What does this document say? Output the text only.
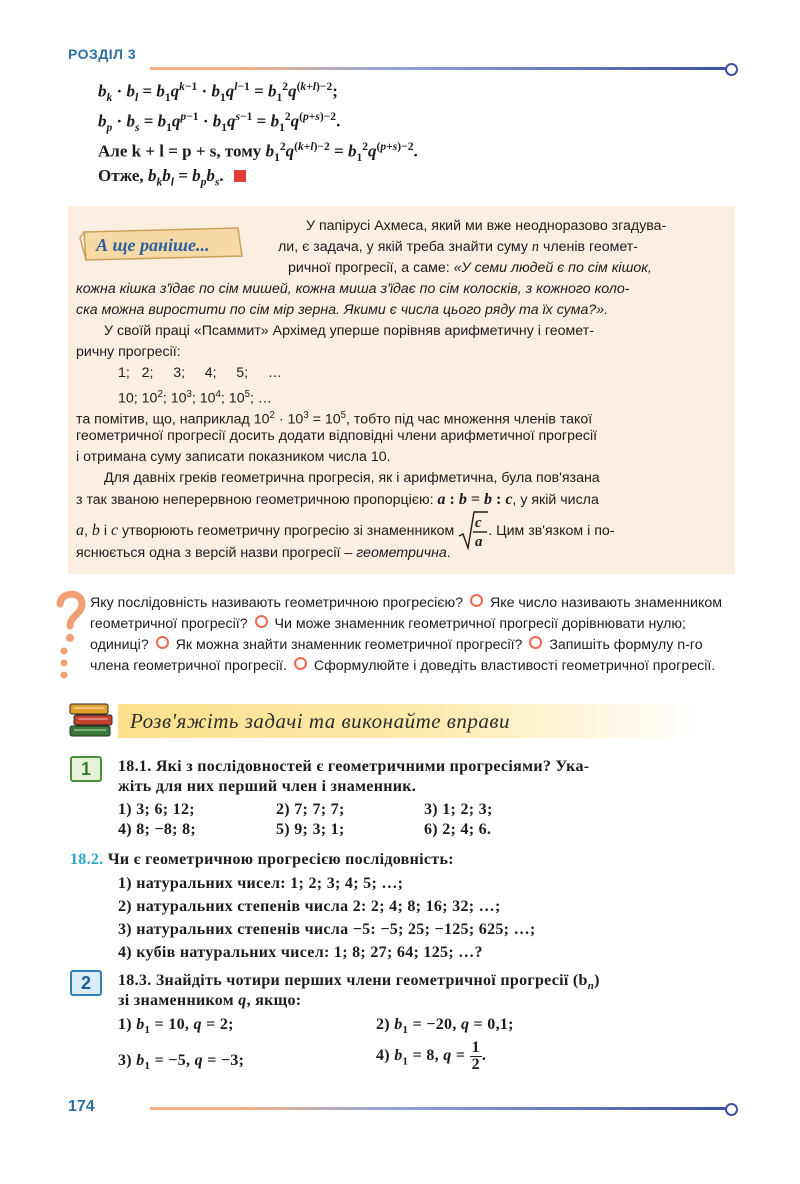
РОЗДІЛ 3
$b_k \cdot b_l = b_1q^{k-1} \cdot b_1q^{l-1} = b_1^2q^{(k+l)-2}$;
$b_p \cdot b_s = b_1q^{p-1} \cdot b_1q^{s-1} = b_1^2q^{(p+s)-2}$.
Але k + l = p + s, тому $b_1^2q^{(k+l)-2} = b_1^2q^{(p+s)-2}$.
Отже, $b_kb_l = b_pb_s$.
А ще раніше...
У папірусі Ахмеса, який ми вже неодноразово згадува-
ли, є задача, у якій треба знайти суму n членів геомет-
ричної прогресії, а саме: «У семи людей є по сім кішок,
кожна кішка з'їдає по сім мишей, кожна миша з'їдає по сім колосків, з кожного коло-
ска можна виростити по сім мір зерна. Якими є числа цього ряду та їх сума?».
У своїй праці «Псаммит» Архімед уперше порівняв арифметичну і геомет-
ричну прогресії:
1;   2;     3;     4;     5;     …
10; $10^2$; $10^3$; $10^4$; $10^5$; …
та помітив, що, наприклад $10^2 \cdot 10^3 = 10^5$, тобто під час множення членів такої
геометричної прогресії досить додати відповідні члени арифметичної прогресії
і отримана суму записати показником числа 10.
Для давніх греків геометрична прогресія, як і арифметична, була пов'язана
з так званою неперервною геометричною пропорцією: a : b = b : c, у якій числа
a, b і c утворюють геометричну прогресію зі знаменником c
a
. Цим зв'язком і по-
яснюється одна з версій назви прогресії – геометрична.
Яку послідовність називають геометричною прогресією? Яке число називають знаменником геометричної прогресії? Чи може знаменник геометричної прогресії дорівнювати нулю; одиниці? Як можна знайти знаменник геометричної прогресії? Запишіть формулу n-го члена геометричної прогресії. Сформулюйте і доведіть властивості геометричної прогресії.
Розв'яжіть задачі та виконайте вправи
1	18.1. Які з послідовностей є геометричними прогресіями? Ука-
жіть для них перший член і знаменник.
1) 3; 6; 12;	2) 7; 7; 7;	3) 1; 2; 3;
4) 8; −8; 8;	5) 9; 3; 1;	6) 2; 4; 6.
18.2. Чи є геометричною прогресією послідовність:
1) натуральних чисел: 1; 2; 3; 4; 5; …;
2) натуральних степенів числа 2: 2; 4; 8; 16; 32; …;
3) натуральних степенів числа −5: −5; 25; −125; 625; …;
4) кубів натуральних чисел: 1; 8; 27; 64; 125; …?
2	18.3. Знайдіть чотири перших члени геометричної прогресії $(b_n)$
зі знаменником q, якщо:
1) $b_1 = 10$, q = 2;	2) $b_1 = -20$, q = 0,1;
3) $b_1 = -5$, q = −3;	4) $b_1 = 8$, $q = \frac{1}{2}$ .
174
